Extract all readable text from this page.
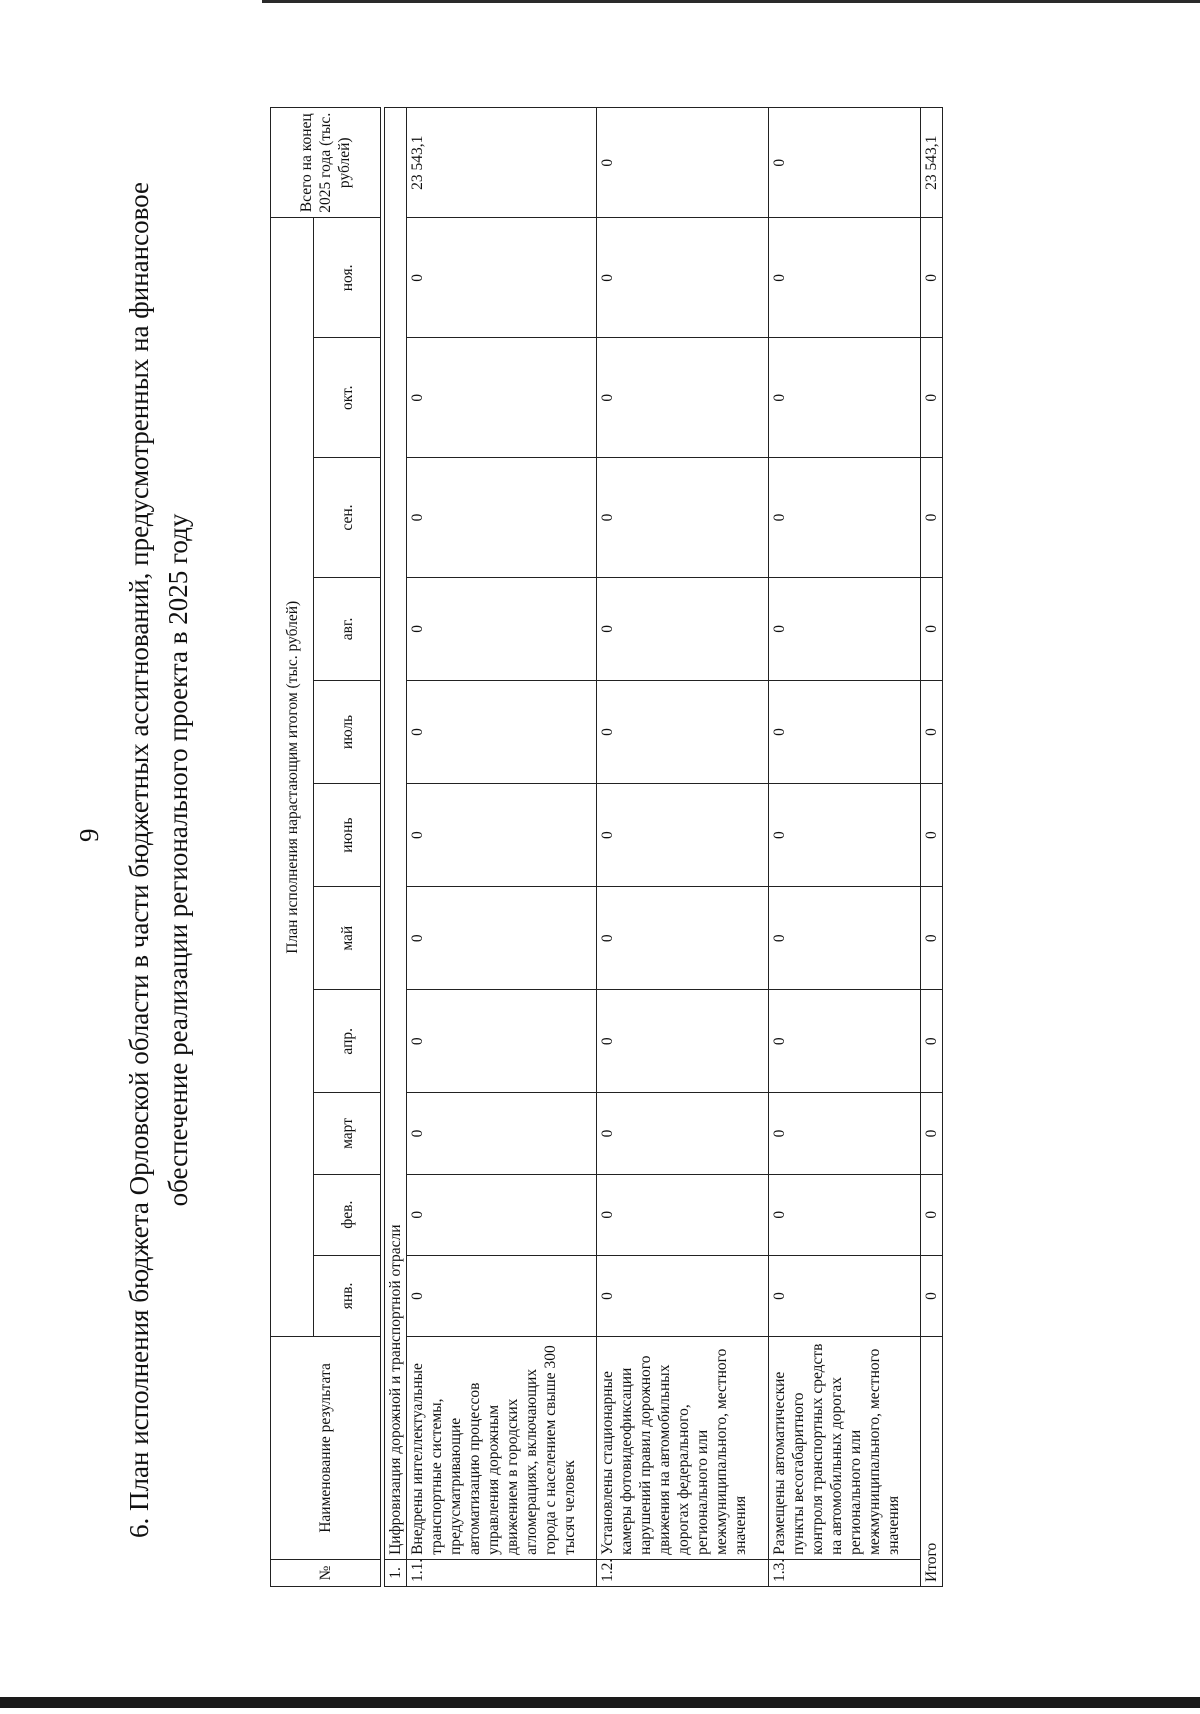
9 6. План исполнения бюджета Орловской области в части бюджетных ассигнований, предусмотренных на финансовое обеспечение реализации регионального проекта в 2025 году
№	Наименование результата	План исполнения нарастающим итогом (тыс. рублей)											Всего на конец 2025 года (тыс. рублей)
		янв.	фев.	март	апр.	май	июнь	июль	авг.	сен.	окт.	ноя.	

1.	Цифровизация дорожной и транспортной отрасли												
1.1.	Внедрены интеллектуальные транспортные системы, предусматривающие автоматизацию процессов управления дорожным движением в городских агломерациях, включающих города с населением свыше 300 тысяч человек	0	0	0	0	0	0	0	0	0	0	0	23 543,1
1.2.	Установлены стационарные камеры фотовидеофиксации нарушений правил дорожного движения на автомобильных дорогах федерального, регионального или межмуниципального, местного значения	0	0	0	0	0	0	0	0	0	0	0	0
1.3.	Размещены автоматические пункты весогабаритного контроля транспортных средств на автомобильных дорогах регионального или межмуниципального, местного значения	0	0	0	0	0	0	0	0	0	0	0	0
Итого		0	0	0	0	0	0	0	0	0	0	0	23 543,1
